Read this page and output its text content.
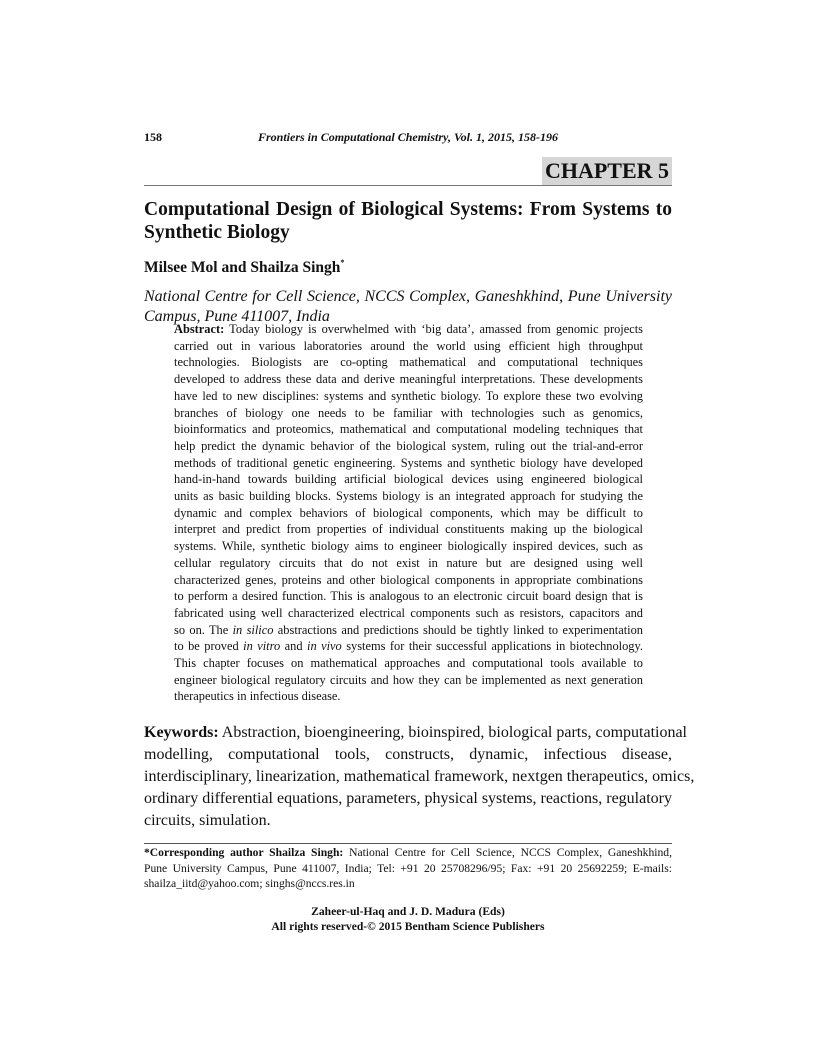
158	Frontiers in Computational Chemistry, Vol. 1, 2015, 158-196
CHAPTER 5
Computational Design of Biological Systems: From Systems to
Synthetic Biology
Milsee Mol and Shailza Singh*
National Centre for Cell Science, NCCS Complex, Ganeshkhind, Pune University
Campus, Pune 411007, India
Abstract: Today biology is overwhelmed with ‘big data’, amassed from genomic projects
carried out in various laboratories around the world using efficient high throughput
technologies. Biologists are co-opting mathematical and computational techniques
developed to address these data and derive meaningful interpretations. These developments
have led to new disciplines: systems and synthetic biology. To explore these two evolving
branches of biology one needs to be familiar with technologies such as genomics,
bioinformatics and proteomics, mathematical and computational modeling techniques that
help predict the dynamic behavior of the biological system, ruling out the trial-and-error
methods of traditional genetic engineering. Systems and synthetic biology have developed
hand-in-hand towards building artificial biological devices using engineered biological
units as basic building blocks. Systems biology is an integrated approach for studying the
dynamic and complex behaviors of biological components, which may be difficult to
interpret and predict from properties of individual constituents making up the biological
systems. While, synthetic biology aims to engineer biologically inspired devices, such as
cellular regulatory circuits that do not exist in nature but are designed using well
characterized genes, proteins and other biological components in appropriate combinations
to perform a desired function. This is analogous to an electronic circuit board design that is
fabricated using well characterized electrical components such as resistors, capacitors and
so on. The in silico abstractions and predictions should be tightly linked to experimentation
to be proved in vitro and in vivo systems for their successful applications in biotechnology.
This chapter focuses on mathematical approaches and computational tools available to
engineer biological regulatory circuits and how they can be implemented as next generation
therapeutics in infectious disease.
Keywords: Abstraction, bioengineering, bioinspired, biological parts, computational
modelling, computational tools, constructs, dynamic, infectious disease,
interdisciplinary, linearization, mathematical framework, nextgen therapeutics, omics,
ordinary differential equations, parameters, physical systems, reactions, regulatory
circuits, simulation.
*Corresponding author Shailza Singh: National Centre for Cell Science, NCCS Complex, Ganeshkhind,
Pune University Campus, Pune 411007, India; Tel: +91 20 25708296/95; Fax: +91 20 25692259; E-mails:
shailza_iitd@yahoo.com; singhs@nccs.res.in
Zaheer-ul-Haq and J. D. Madura (Eds)
All rights reserved-© 2015 Bentham Science Publishers
